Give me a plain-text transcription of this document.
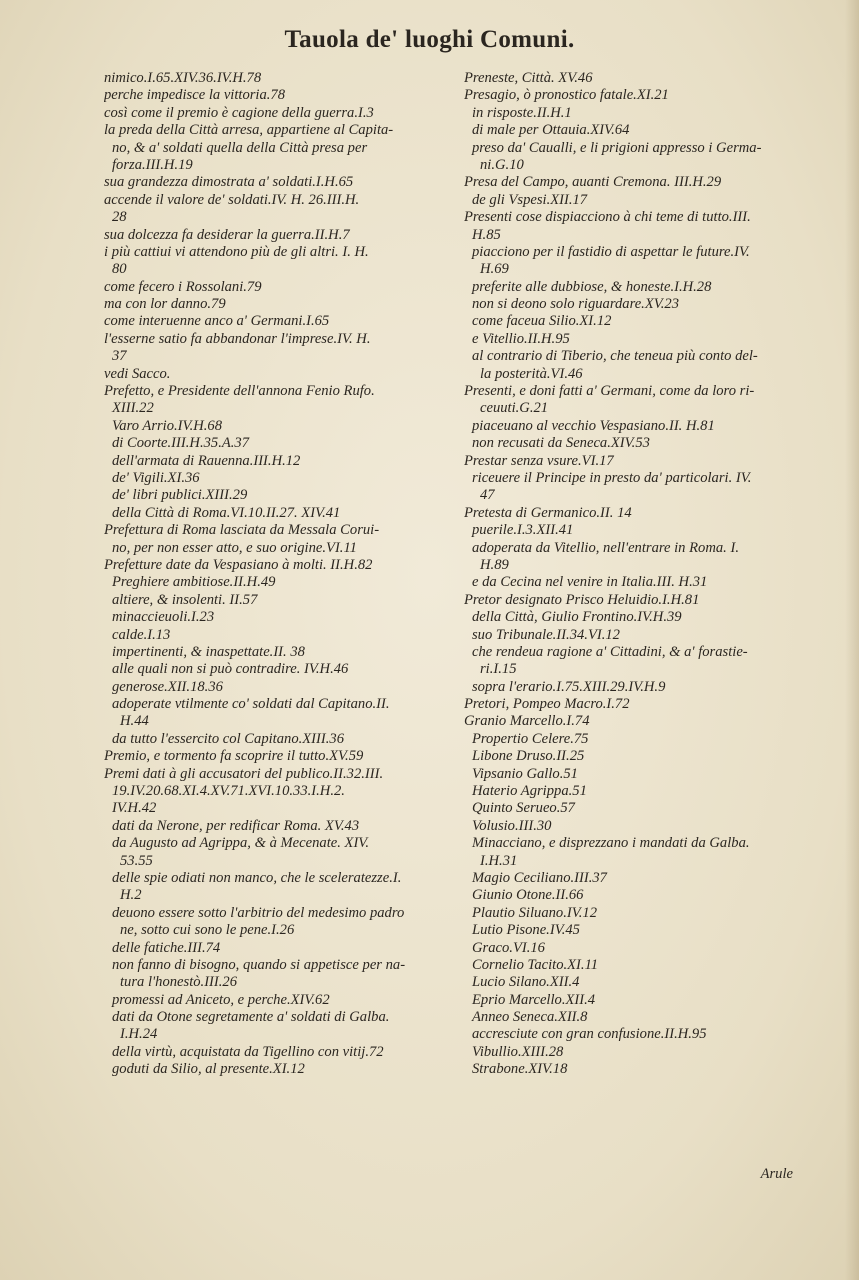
Tauola de' luoghi Comuni.
nimico.I.65.XIV.36.IV.H.78
perche impedisce la vittoria.78
così come il premio è cagione della guerra.I.3
la preda della Città arresa, appartiene al Capita-
no, & a' soldati quella della Città presa per
forza.III.H.19
sua grandezza dimostrata a' soldati.I.H.65
accende il valore de' soldati.IV. H. 26.III.H.
28
sua dolcezza fa desiderar la guerra.II.H.7
i più cattiui vi attendono più de gli altri. I. H.
80
come fecero i Rossolani.79
ma con lor danno.79
come interuenne anco a' Germani.I.65
l'esserne satio fa abbandonar l'imprese.IV. H.
37
vedi Sacco.
Prefetto, e Presidente dell'annona Fenio Rufo.
XIII.22
Varo Arrio.IV.H.68
di Coorte.III.H.35.A.37
dell'armata di Rauenna.III.H.12
de' Vigili.XI.36
de' libri publici.XIII.29
della Città di Roma.VI.10.II.27. XIV.41
Prefettura di Roma lasciata da Messala Corui-
no, per non esser atto, e suo origine.VI.11
Prefetture date da Vespasiano à molti. II.H.82
Preghiere ambitiose.II.H.49
altiere, & insolenti. II.57
minaccieuoli.I.23
calde.I.13
impertinenti, & inaspettate.II. 38
alle quali non si può contradire. IV.H.46
generose.XII.18.36
adoperate vtilmente co' soldati dal Capitano.II.
H.44
da tutto l'essercito col Capitano.XIII.36
Premio, e tormento fa scoprire il tutto.XV.59
Premi dati à gli accusatori del publico.II.32.III.
19.IV.20.68.XI.4.XV.71.XVI.10.33.I.H.2.
IV.H.42
dati da Nerone, per redificar Roma. XV.43
da Augusto ad Agrippa, & à Mecenate. XIV.
53.55
delle spie odiati non manco, che le sceleratezze.I.
H.2
deuono essere sotto l'arbitrio del medesimo padro
ne, sotto cui sono le pene.I.26
delle fatiche.III.74
non fanno di bisogno, quando si appetisce per na-
tura l'honestò.III.26
promessi ad Aniceto, e perche.XIV.62
dati da Otone segretamente a' soldati di Galba.
I.H.24
della virtù, acquistata da Tigellino con vitij.72
goduti da Silio, al presente.XI.12
Preneste, Città. XV.46
Presagio, ò pronostico fatale.XI.21
in risposte.II.H.1
di male per Ottauia.XIV.64
preso da' Caualli, e li prigioni appresso i Germa-
ni.G.10
Presa del Campo, auanti Cremona. III.H.29
de gli Vspesi.XII.17
Presenti cose dispiacciono à chi teme di tutto.III.
H.85
piacciono per il fastidio di aspettar le future.IV.
H.69
preferite alle dubbiose, & honeste.I.H.28
non si deono solo riguardare.XV.23
come faceua Silio.XI.12
e Vitellio.II.H.95
al contrario di Tiberio, che teneua più conto del-
la posterità.VI.46
Presenti, e doni fatti a' Germani, come da loro ri-
ceuuti.G.21
piaceuano al vecchio Vespasiano.II. H.81
non recusati da Seneca.XIV.53
Prestar senza vsure.VI.17
riceuere il Principe in presto da' particolari. IV.
47
Pretesta di Germanico.II. 14
puerile.I.3.XII.41
adoperata da Vitellio, nell'entrare in Roma. I.
H.89
e da Cecina nel venire in Italia.III. H.31
Pretor designato Prisco Heluidio.I.H.81
della Città, Giulio Frontino.IV.H.39
suo Tribunale.II.34.VI.12
che rendeua ragione a' Cittadini, & a' forastie-
ri.I.15
sopra l'erario.I.75.XIII.29.IV.H.9
Pretori, Pompeo Macro.I.72
Granio Marcello.I.74
Propertio Celere.75
Libone Druso.II.25
Vipsanio Gallo.51
Haterio Agrippa.51
Quinto Serueo.57
Volusio.III.30
Minacciano, e disprezzano i mandati da Galba.
I.H.31
Magio Ceciliano.III.37
Giunio Otone.II.66
Plautio Siluano.IV.12
Lutio Pisone.IV.45
Graco.VI.16
Cornelio Tacito.XI.11
Lucio Silano.XII.4
Eprio Marcello.XII.4
Anneo Seneca.XII.8
accresciute con gran confusione.II.H.95
Vibullio.XIII.28
Strabone.XIV.18
Arule
